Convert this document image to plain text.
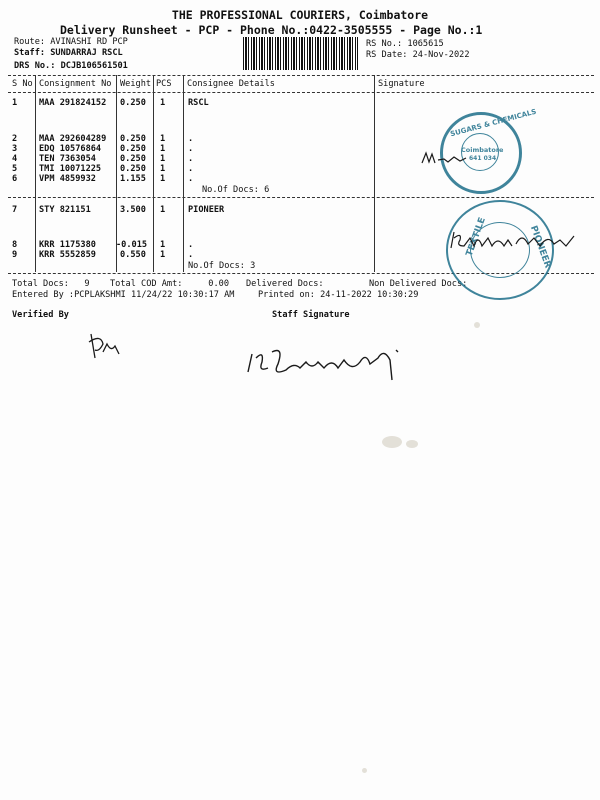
THE PROFESSIONAL COURIERS, Coimbatore
Delivery Runsheet - PCP - Phone No.:0422-3505555 - Page No.:1
Route: AVINASHI RD PCP
Staff: SUNDARRAJ RSCL
DRS No.: DCJB106561501
RS No.: 1065615
RS Date: 24-Nov-2022
S No Consignment No Weight PCS Consignee Details	Signature
1	MAA 291824152 0.250 1	RSCL
2	MAA 292604289 0.250 1	.
3	EDQ 10576864 0.250 1	.
4	TEN 7363054	0.250 1	.
5	TMI 10071225 0.250 1	.
6	VPM 4859932	1.155 1	.
No.Of Docs: 6
7	STY 821151	3.500 1	PIONEER
8	KRR 1175380 -0.015 1	.
9	KRR 5552859	0.550 1	.
No.Of Docs: 3
Total Docs:   9 Total COD Amt:     0.00 Delivered Docs:	Non Delivered Docs:
Entered By :PCPLAKSHMI 11/24/22 10:30:17 AM	Printed on: 24-11-2022 10:30:29
Verified By	Staff Signature
SUGARS & CHEMICALS
Coimbatore
641 034
TEXTILE	PIONEER
